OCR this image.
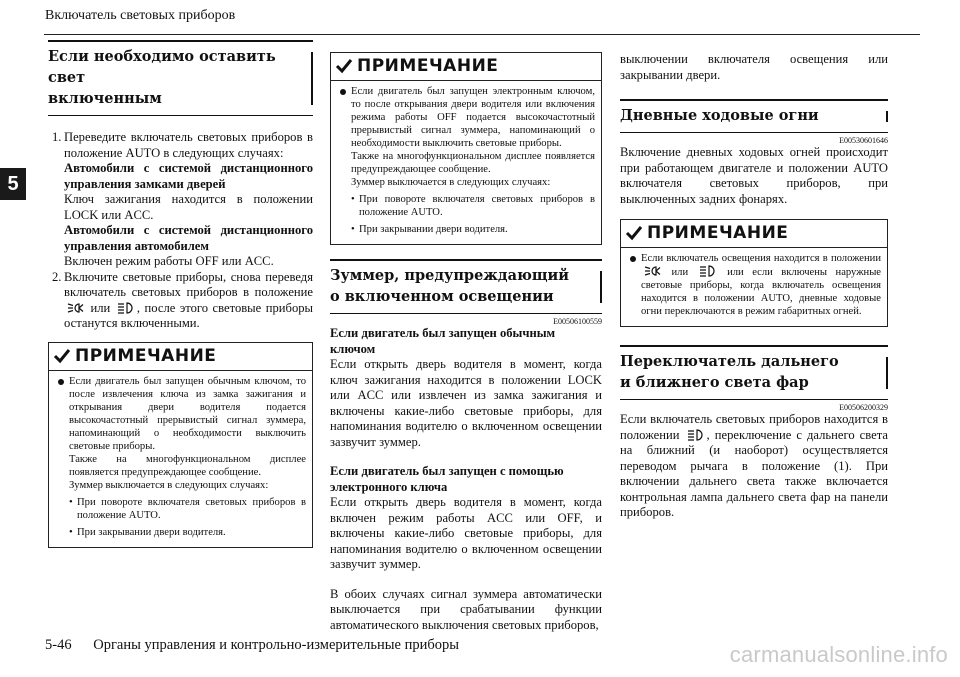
Включатель световых приборов
5
Если необходимо оставить свет
включенным
1. Переведите включатель световых приборов в положение AUTO в следующих случаях:
Автомобили с системой дистанционного управления замками дверей
Ключ зажигания находится в положении LOCK или ACC.
Автомобили с системой дистанционного управления автомобилем
Включен режим работы OFF или ACC.
2. Включите световые приборы, снова переведя включатель световых приборов в положение
или , после этого световые приборы останутся включенными.
ПРИМЕЧАНИЕ
Если двигатель был запущен обычным ключом, то после извлечения ключа из замка зажигания и открывания двери водителя подается высокочастотный прерывистый сигнал зуммера, напоминающий о необходимости выключить световые приборы.
Также на многофункциональном дисплее появляется предупреждающее сообщение.
Зуммер выключается в следующих случаях:
• При повороте включателя световых приборов в положение AUTO.
• При закрывании двери водителя.
ПРИМЕЧАНИЕ
Если двигатель был запущен электронным ключом, то после открывания двери водителя или включения режима работы OFF подается высокочастотный прерывистый сигнал зуммера, напоминающий о необходимости выключить световые приборы.
Также на многофункциональном дисплее появляется предупреждающее сообщение.
Зуммер выключается в следующих случаях:
• При повороте включателя световых приборов в положение AUTO.
• При закрывании двери водителя.
Зуммер, предупреждающий
о включенном освещении
E00506100559

Если двигатель был запущен обычным ключом

Если открыть дверь водителя в момент, когда ключ зажигания находится в положении LOCK или ACC или извлечен из замка зажигания и включены какие-либо световые приборы, для напоминания водителю о включенном освещении зазвучит зуммер.

Если двигатель был запущен с помощью электронного ключа

Если открыть дверь водителя в момент, когда включен режим работы ACC или OFF, и включены какие-либо световые приборы, для напоминания водителю о включенном освещении зазвучит зуммер.

В обоих случаях сигнал зуммера автоматически выключается при срабатывании функции автоматического выключения световых приборов,

выключении включателя освещения или закрывании двери.

Дневные ходовые огни
E00530601646

Включение дневных ходовых огней происходит при работающем двигателе и положении AUTO включателя световых приборов, при выключенных задних фонарях.

ПРИМЕЧАНИЕ
Если включатель освещения находится в положении
или	или если включены наружные световые приборы, когда включатель освещения находится в положении AUTO, дневные ходовые огни переключаются в режим габаритных огней.
Переключатель дальнего
и ближнего света фар
E00506200329

Если включатель световых приборов находится в положении , переключение с дальнего света на ближний (и наоборот) осуществляется переводом рычага в положение (1). При включении дальнего света также включается контрольная лампа дальнего света фар на панели приборов.

5-46 Органы управления и контрольно-измерительные приборы	carmanualsonline.info
